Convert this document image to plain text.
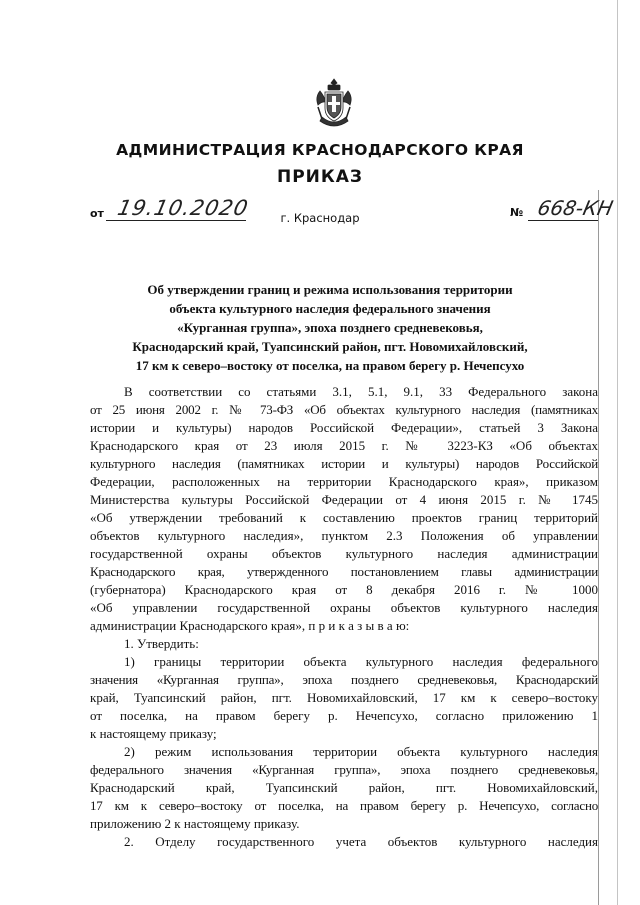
АДМИНИСТРАЦИЯ КРАСНОДАРСКОГО КРАЯ
ПРИКАЗ
от 19.10.2020	г. Краснодар	№ 668-КН
Об утверждении границ и режима использования территории
объекта культурного наследия федерального значения
«Курганная группа», эпоха позднего средневековья,
Краснодарский край, Туапсинский район, пгт. Новомихайловский,
17 км к северо–востоку от поселка, на правом берегу р. Нечепсухо
В соответствии со статьями 3.1, 5.1, 9.1, 33 Федерального закона
от 25 июня 2002 г. № 73-ФЗ «Об объектах культурного наследия (памятниках
истории и культуры) народов Российской Федерации», статьей 3 Закона
Краснодарского края от 23 июля 2015 г. № 3223-КЗ «Об объектах
культурного наследия (памятниках истории и культуры) народов Российской
Федерации, расположенных на территории Краснодарского края», приказом
Министерства культуры Российской Федерации от 4 июня 2015 г. № 1745
«Об утверждении требований к составлению проектов границ территорий
объектов культурного наследия», пунктом 2.3 Положения об управлении
государственной охраны объектов культурного наследия администрации
Краснодарского края, утвержденного постановлением главы администрации
(губернатора) Краснодарского края от 8 декабря 2016 г. № 1000
«Об управлении государственной охраны объектов культурного наследия
администрации Краснодарского края», п р и к а з ы в а ю:
1. Утвердить:
1) границы территории объекта культурного наследия федерального
значения «Курганная группа», эпоха позднего средневековья, Краснодарский
край, Туапсинский район, пгт. Новомихайловский, 17 км к северо–востоку
от поселка, на правом берегу р. Нечепсухо, согласно приложению 1
к настоящему приказу;
2) режим использования территории объекта культурного наследия
федерального значения «Курганная группа», эпоха позднего средневековья,
Краснодарский край, Туапсинский район, пгт. Новомихайловский,
17 км к северо–востоку от поселка, на правом берегу р. Нечепсухо, согласно
приложению 2 к настоящему приказу.
2. Отделу государственного учета объектов культурного наследия
